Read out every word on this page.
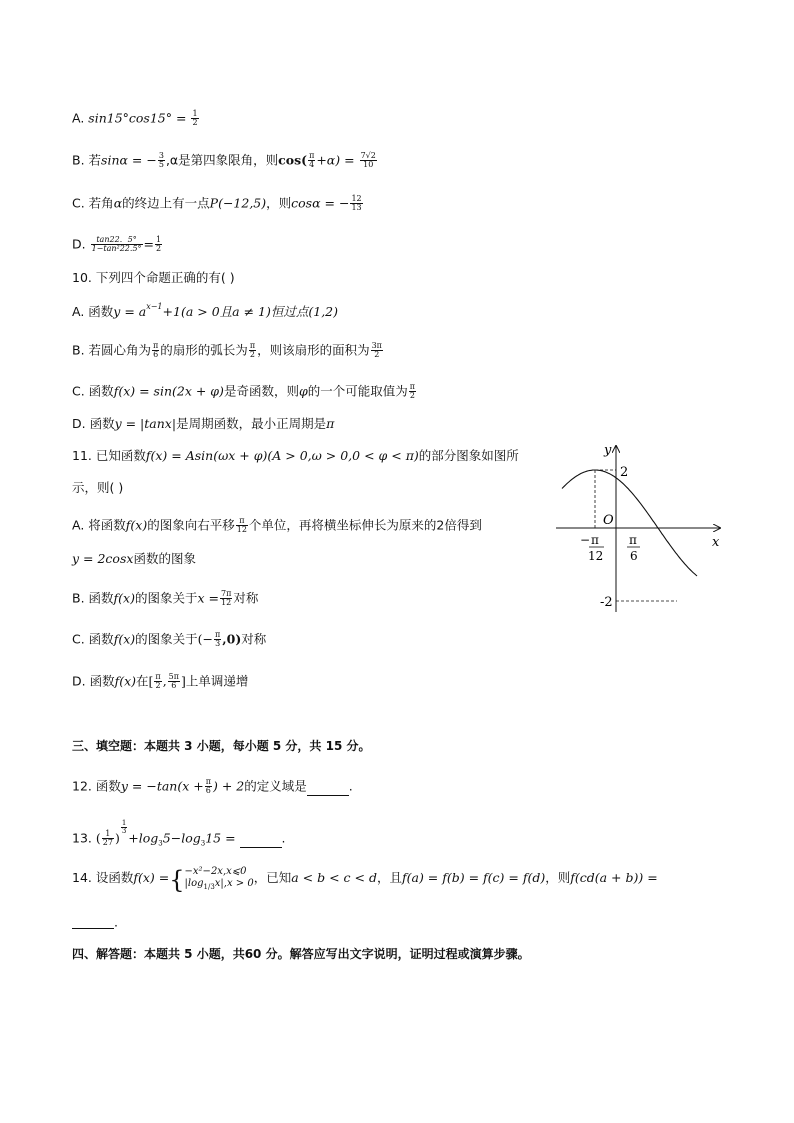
A. $\sin 15^\circ\cos 15^\circ = \frac{1}{2}$
B. 若sinα = − $\frac{3}{5} ,\alpha$是第四象限角，则$\cos( \frac{\pi}{4} +\alpha) = \frac{7√2}{10}$
C. 若角α的终边上有一点P(−12,5)，则cosα = − $\frac{12}{13}$
D. $\frac{\tan 22.5^\circ}{\text{1−tan²22.5°}} = \frac{1}{2}$
10. 下列四个命题正确的有( )
A. 函数$y = a^{x-1}+1(a > 0$且a ≠ 1)恒过点(1,2)
B. 若圆心角为 $\frac{\pi}{6}$ 的扇形的弧长为 $\frac{\pi}{2}$ ，则该扇形的面积为 $\frac{3\pi}{2}$
C. 函数f(x) = sin(2x + φ)是奇函数，则φ的一个可能取值为 $\frac{\pi}{2}$
D. 函数y = |tanx|是周期函数，最小正周期是π
11. 已知函数f(x) = Asin(ωx + φ)(A > 0,ω > 0,0 < φ < π)的部分图象如图所
示，则( )
A. 将函数f(x)的图象向右平移 $\frac{\pi}{12}$ 个单位，再将横坐标伸长为原来的2倍得到
y = 2cosx函数的图象
B. 函数f(x)的图象关于$x = \frac{7\pi}{12}$ 对称
C. 函数f(x)的图象关于(− $\frac{\pi}{3} ,0$)对称
D. 函数f(x)在[ $\frac{\pi}{2}$ , $\frac{5\pi}{6}$ ]上单调递增
y
x
O
2
-2
− π
12
π
6
三、填空题：本题共 3 小题，每小题 5 分，共 15 分。
12. 函数$y = -\tan(x + \frac{\pi}{6}$ ) + 2的定义域是	.
13. ( $\frac{1}{27}$ )
$\frac{1}{3}$
$+\log_35-\log_315$ =	.
14. 设函数f(x) ={ −x²−2x,x⩽0
$|\log_{1/3}x|,x > 0$ ，已知a < b < c < d，且f(a) = f(b) = f(c) = f(d)，则f(cd(a + b)) =
.
四、解答题：本题共 5 小题，共60 分。解答应写出文字说明，证明过程或演算步骤。
